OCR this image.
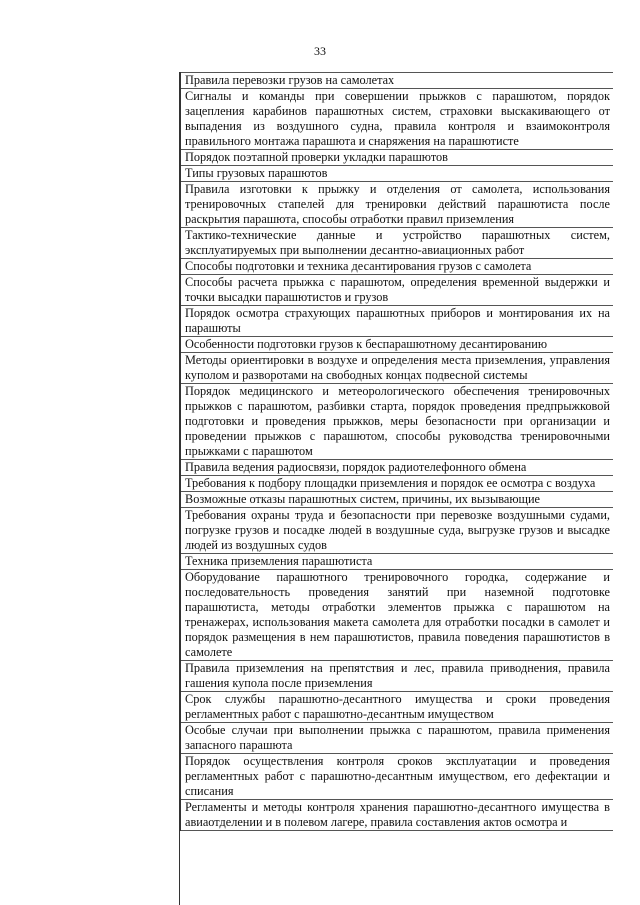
33
Правила перевозки грузов на самолетах
Сигналы и команды при совершении прыжков с парашютом, порядок зацепления карабинов парашютных систем, страховки выскакивающего от выпадения из воздушного судна, правила контроля и взаимоконтроля правильного монтажа парашюта и снаряжения на парашютисте
Порядок поэтапной проверки укладки парашютов
Типы грузовых парашютов
Правила изготовки к прыжку и отделения от самолета, использования тренировочных стапелей для тренировки действий парашютиста после раскрытия парашюта, способы отработки правил приземления
Тактико-технические данные и устройство парашютных систем, эксплуатируемых при выполнении десантно-авиационных работ
Способы подготовки и техника десантирования грузов с самолета
Способы расчета прыжка с парашютом, определения временной выдержки и точки высадки парашютистов и грузов
Порядок осмотра страхующих парашютных приборов и монтирования их на парашюты
Особенности подготовки грузов к беспарашютному десантированию
Методы ориентировки в воздухе и определения места приземления, управления куполом и разворотами на свободных концах подвесной системы
Порядок медицинского и метеорологического обеспечения тренировочных прыжков с парашютом, разбивки старта, порядок проведения предпрыжковой подготовки и проведения прыжков, меры безопасности при организации и проведении прыжков с парашютом, способы руководства тренировочными прыжками с парашютом
Правила ведения радиосвязи, порядок радиотелефонного обмена
Требования к подбору площадки приземления и порядок ее осмотра с воздуха
Возможные отказы парашютных систем, причины, их вызывающие
Требования охраны труда и безопасности при перевозке воздушными судами, погрузке грузов и посадке людей в воздушные суда, выгрузке грузов и высадке людей из воздушных судов
Техника приземления парашютиста
Оборудование парашютного тренировочного городка, содержание и последовательность проведения занятий при наземной подготовке парашютиста, методы отработки элементов прыжка с парашютом на тренажерах, использования макета самолета для отработки посадки в самолет и порядок размещения в нем парашютистов, правила поведения парашютистов в самолете
Правила приземления на препятствия и лес, правила приводнения, правила гашения купола после приземления
Срок службы парашютно-десантного имущества и сроки проведения регламентных работ с парашютно-десантным имуществом
Особые случаи при выполнении прыжка с парашютом, правила применения запасного парашюта
Порядок осуществления контроля сроков эксплуатации и проведения регламентных работ с парашютно-десантным имуществом, его дефектации и списания
Регламенты и методы контроля хранения парашютно-десантного имущества в авиаотделении и в полевом лагере, правила составления актов осмотра и
